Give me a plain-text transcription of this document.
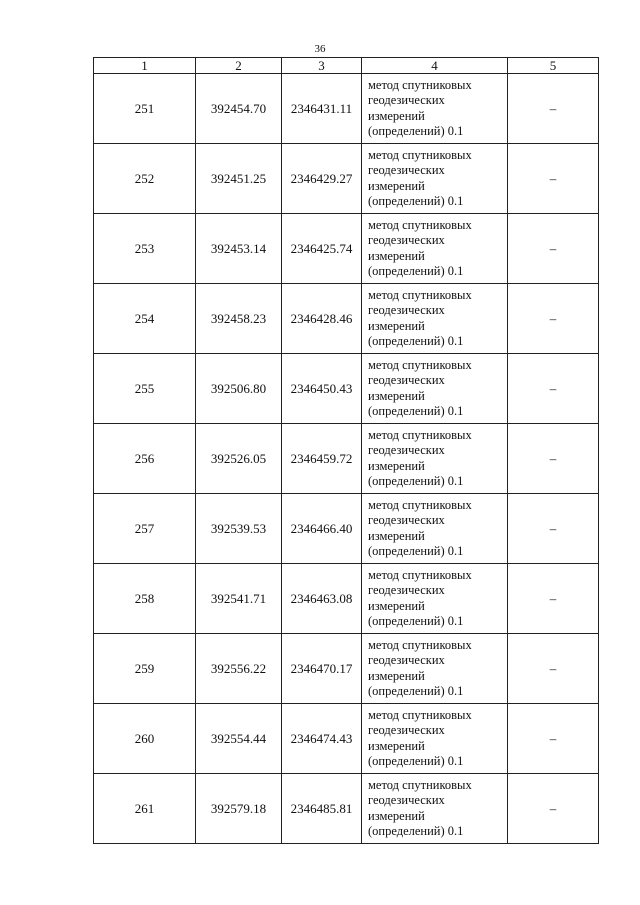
36
1	2	3	4	5
251	392454.70	2346431.11	метод спутниковых
геодезических
измерений
(определений) 0.1	–
252	392451.25	2346429.27	метод спутниковых
геодезических
измерений
(определений) 0.1	–
253	392453.14	2346425.74	метод спутниковых
геодезических
измерений
(определений) 0.1	–
254	392458.23	2346428.46	метод спутниковых
геодезических
измерений
(определений) 0.1	–
255	392506.80	2346450.43	метод спутниковых
геодезических
измерений
(определений) 0.1	–
256	392526.05	2346459.72	метод спутниковых
геодезических
измерений
(определений) 0.1	–
257	392539.53	2346466.40	метод спутниковых
геодезических
измерений
(определений) 0.1	–
258	392541.71	2346463.08	метод спутниковых
геодезических
измерений
(определений) 0.1	–
259	392556.22	2346470.17	метод спутниковых
геодезических
измерений
(определений) 0.1	–
260	392554.44	2346474.43	метод спутниковых
геодезических
измерений
(определений) 0.1	–
261	392579.18	2346485.81	метод спутниковых
геодезических
измерений
(определений) 0.1	–
